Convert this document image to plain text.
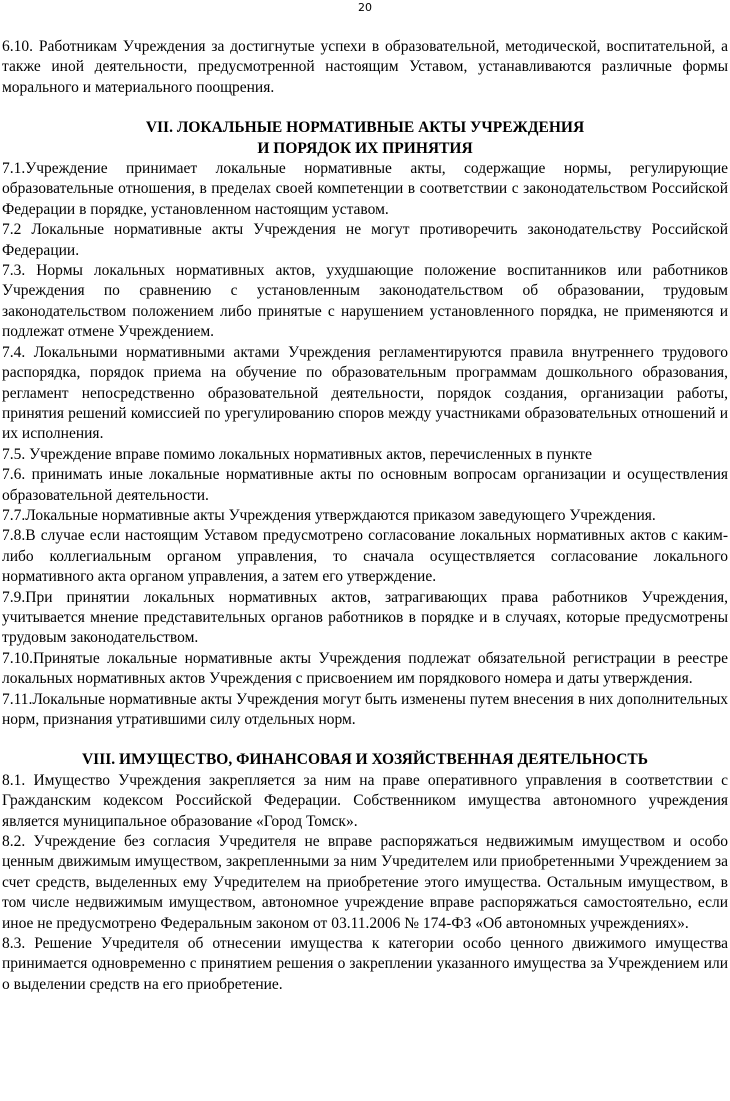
20

6.10. Работникам Учреждения за достигнутые успехи в образовательной, методической, воспитательной, а также иной деятельности, предусмотренной настоящим Уставом, устанавливаются различные формы морального и материального поощрения.

VII. ЛОКАЛЬНЫЕ НОРМАТИВНЫЕ АКТЫ УЧРЕЖДЕНИЯ

И ПОРЯДОК ИХ ПРИНЯТИЯ

7.1.Учреждение принимает локальные нормативные акты, содержащие нормы, регулирующие образовательные отношения, в пределах своей компетенции в соответствии с законодательством Российской Федерации в порядке, установленном настоящим уставом.

7.2 Локальные нормативные акты Учреждения не могут противоречить законодательству Российской Федерации.

7.3. Нормы локальных нормативных актов, ухудшающие положение воспитанников или работников Учреждения по сравнению с установленным законодательством об образовании, трудовым законодательством положением либо принятые с нарушением установленного порядка, не применяются и подлежат отмене Учреждением.

7.4. Локальными нормативными актами Учреждения регламентируются правила внутреннего трудового распорядка, порядок приема на обучение по образовательным программам дошкольного образования, регламент непосредственно образовательной деятельности, порядок создания, организации работы, принятия решений комиссией по урегулированию споров между участниками образовательных отношений и их исполнения.

7.5. Учреждение вправе помимо локальных нормативных актов, перечисленных в пункте

7.6. принимать иные локальные нормативные акты по основным вопросам организации и осуществления образовательной деятельности.

7.7.Локальные нормативные акты Учреждения утверждаются приказом заведующего Учреждения.

7.8.В случае если настоящим Уставом предусмотрено согласование локальных нормативных актов с каким-либо коллегиальным органом управления, то сначала осуществляется согласование локального нормативного акта органом управления, а затем его утверждение.

7.9.При принятии локальных нормативных актов, затрагивающих права работников Учреждения, учитывается мнение представительных органов работников в порядке и в случаях, которые предусмотрены трудовым законодательством.

7.10.Принятые локальные нормативные акты Учреждения подлежат обязательной регистрации в реестре локальных нормативных актов Учреждения с присвоением им порядкового номера и даты утверждения.

7.11.Локальные нормативные акты Учреждения могут быть изменены путем внесения в них дополнительных норм, признания утратившими силу отдельных норм.

VIII. ИМУЩЕСТВО, ФИНАНСОВАЯ И ХОЗЯЙСТВЕННАЯ ДЕЯТЕЛЬНОСТЬ

8.1. Имущество Учреждения закрепляется за ним на праве оперативного управления в соответствии с Гражданским кодексом Российской Федерации. Собственником имущества автономного учреждения является муниципальное образование «Город Томск».

8.2. Учреждение без согласия Учредителя не вправе распоряжаться недвижимым имуществом и особо ценным движимым имуществом, закрепленными за ним Учредителем или приобретенными Учреждением за счет средств, выделенных ему Учредителем на приобретение этого имущества. Остальным имуществом, в том числе недвижимым имуществом, автономное учреждение вправе распоряжаться самостоятельно, если иное не предусмотрено Федеральным законом от 03.11.2006 № 174-ФЗ «Об автономных учреждениях».

8.3. Решение Учредителя об отнесении имущества к категории особо ценного движимого имущества принимается одновременно с принятием решения о закреплении указанного имущества за Учреждением или о выделении средств на его приобретение.
